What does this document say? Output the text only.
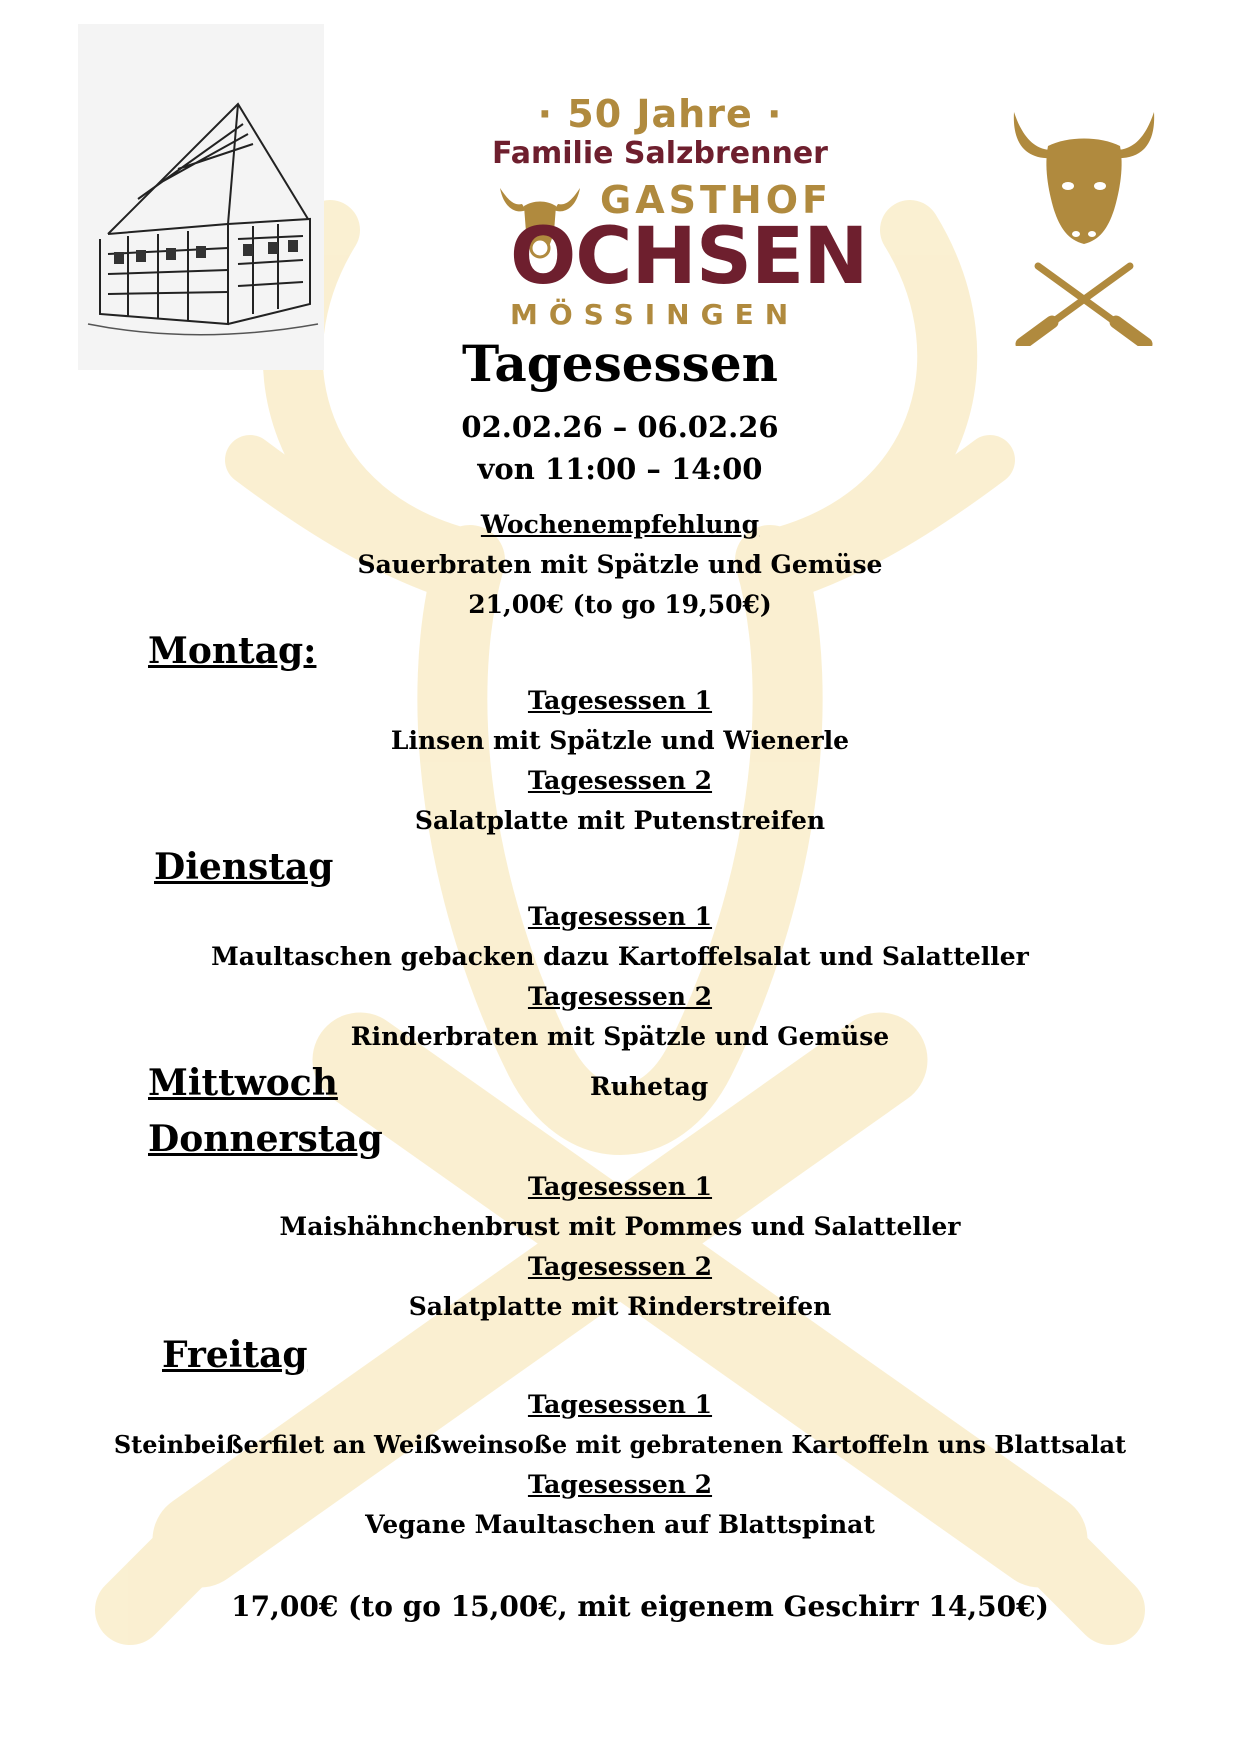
· 50 Jahre ·
Familie Salzbrenner
GASTHOF
OCHSEN
MÖSSINGEN
Tagesessen
02.02.26 – 06.02.26
von 11:00 – 14:00
Wochenempfehlung
Sauerbraten mit Spätzle und Gemüse
21,00€ (to go 19,50€)
Montag:
Tagesessen 1
Linsen mit Spätzle und Wienerle
Tagesessen 2
Salatplatte mit Putenstreifen
Dienstag
Tagesessen 1
Maultaschen gebacken dazu Kartoffelsalat und Salatteller
Tagesessen 2
Rinderbraten mit Spätzle und Gemüse
Mittwoch	Ruhetag
Donnerstag
Tagesessen 1
Maishähnchenbrust mit Pommes und Salatteller
Tagesessen 2
Salatplatte mit Rinderstreifen
Freitag
Tagesessen 1
Steinbeißerfilet an Weißweinsoße mit gebratenen Kartoffeln uns Blattsalat
Tagesessen 2
Vegane Maultaschen auf Blattspinat
17,00€ (to go 15,00€, mit eigenem Geschirr 14,50€)
